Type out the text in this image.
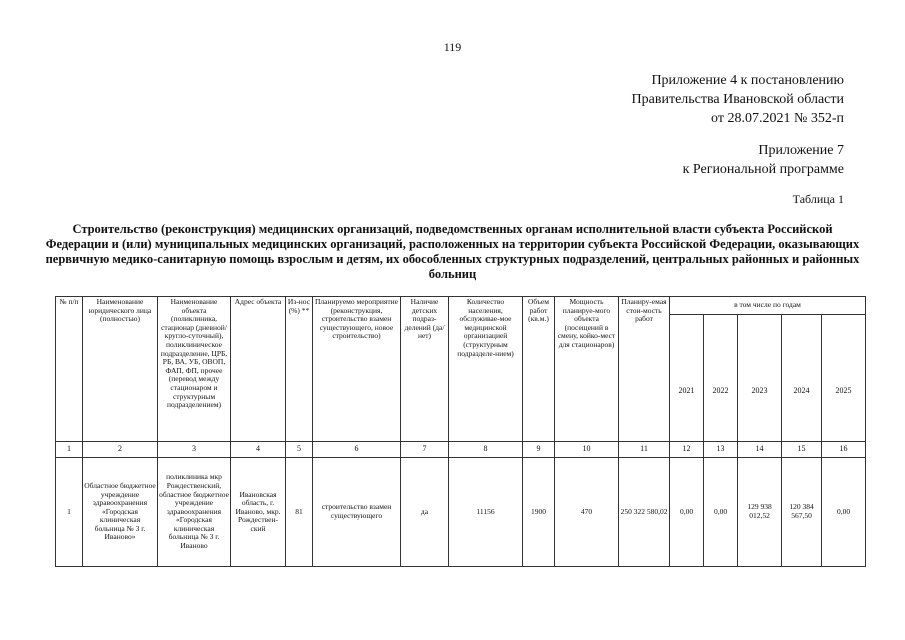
119
Приложение 4 к постановлению
Правительства Ивановской области
от 28.07.2021 № 352-п
Приложение 7
к Региональной программе
Таблица 1
Строительство (реконструкция) медицинских организаций, подведомственных органам исполнительной власти субъекта Российской Федерации и (или) муниципальных медицинских организаций, расположенных на территории субъекта Российской Федерации, оказывающих первичную медико-санитарную помощь взрослым и детям, их обособленных структурных подразделений, центральных районных и районных больниц
№ п/п	Наименование юридического лица (полностью)	Наименование объекта (поликлиника, стационар (дневной/кругло-суточный), поликлиническое подразделение, ЦРБ, РБ, ВА, УБ, ОВОП, ФАП, ФП, прочее (перевод между стационаром и структурным подразделением)	Адрес объекта	Из-нос (%) **	Планируемо мероприятие (реконструкция, строительство взамен существующего, новое строительство)	Наличие детских подраз-делений (да/нет)	Количество населения, обслуживае-мое медицинской организацией (структурным подразделе-нием)	Объем работ (кв.м.)	Мощность планируе-мого объекта (посещений в смену, койко-мест для стационаров)	Планиру-емая стои-мость работ	в том числе по годам				
											2021	2022	2023	2024	2025
1	2	3	4	5	6	7	8	9	10	11	12	13	14	15	16
1	Областное бюджетное учреждение здравоохранения «Городская клиническая больница № 3 г. Иваново»	поликлиника мкр Рождественский, областное бюджетное учреждение здравоохранения «Городская клиническая больница № 3 г. Иваново	Ивановская область, г. Иваново, мкр. Рождествен-ский	81	строительство взамен существующего	да	11156	1900	470	250 322 580,02	0,00	0,00	129 938 012,52	120 384 567,50	0,00
